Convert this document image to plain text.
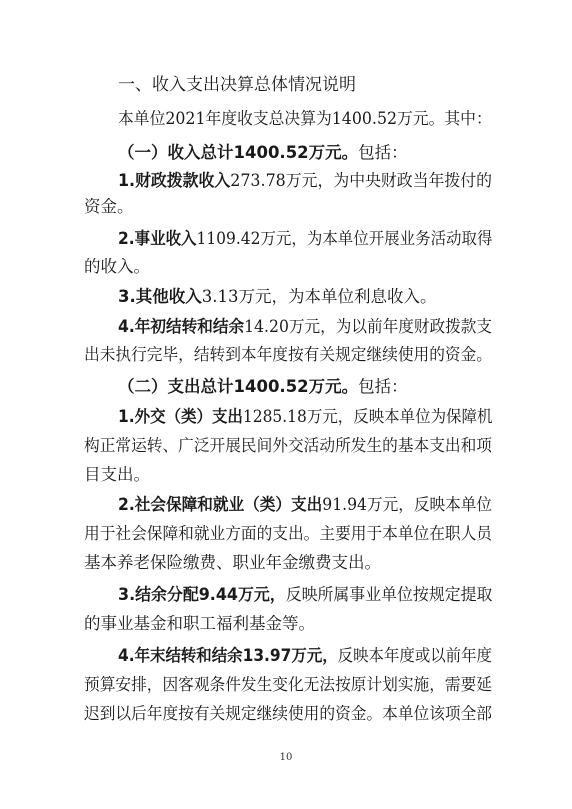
一、收入支出决算总体情况说明
本单位2021年度收支总决算为1400.52万元。其中：
（一）收入总计1400.52万元。包括：
1.财政拨款收入273.78万元，为中央财政当年拨付的
资金。
2.事业收入1109.42万元，为本单位开展业务活动取得
的收入。
3.其他收入3.13万元，为本单位利息收入。
4.年初结转和结余14.20万元，为以前年度财政拨款支
出未执行完毕，结转到本年度按有关规定继续使用的资金。
（二）支出总计1400.52万元。包括：
1.外交（类）支出1285.18万元，反映本单位为保障机
构正常运转、广泛开展民间外交活动所发生的基本支出和项
目支出。
2.社会保障和就业（类）支出91.94万元，反映本单位
用于社会保障和就业方面的支出。主要用于本单位在职人员
基本养老保险缴费、职业年金缴费支出。
3.结余分配9.44万元，反映所属事业单位按规定提取
的事业基金和职工福利基金等。
4.年末结转和结余13.97万元，反映本年度或以前年度
预算安排，因客观条件发生变化无法按原计划实施，需要延
迟到以后年度按有关规定继续使用的资金。本单位该项全部
10
